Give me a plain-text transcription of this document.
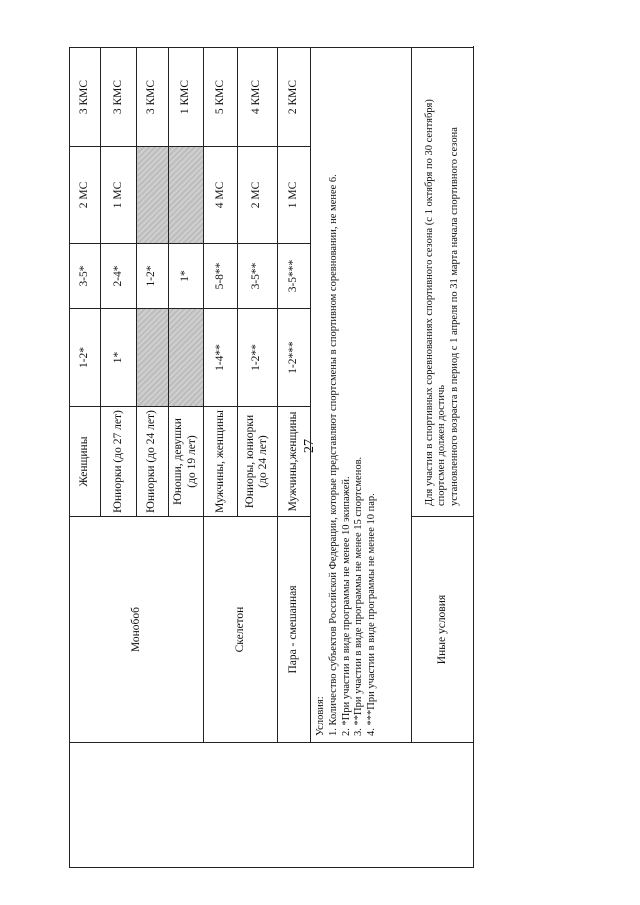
27
	Монобоб	Женщины	1-2*	3-5*	2 МС	3 КМС
		Юниорки (до 27 лет)	1*	2-4*	1 МС	3 КМС
		Юниорки (до 24 лет)		1-2*		3 КМС
		Юноши, девушки (до 19 лет)		1*		1 КМС
	Скелетон	Мужчины, женщины	1-4**	5-8**	4 МС	5 КМС
		Юниоры, юниорки (до 24 лет)	1-2**	3-5**	2 МС	4 КМС
	Пара - смешанная	Мужчины,женщины	1-2***	3-5***	1 МС	2 КМС

	Условия: 1. Количество субъектов Российской Федерации, которые представляют спортсмены в спортивном соревновании, не менее 6. 2. *При участии в виде программы не менее 10 экипажей. 3. **При участии в виде программы не менее 15 спортсменов. 4. ***При участии в виде программы не менее 10 пар.					

	Иные условия	Для участия в спортивных соревнованиях спортивного сезона (с 1 октября по 30 сентября) спортсмен должен достичь установленного возраста в период с 1 апреля по 31 марта начала спортивного сезона				
